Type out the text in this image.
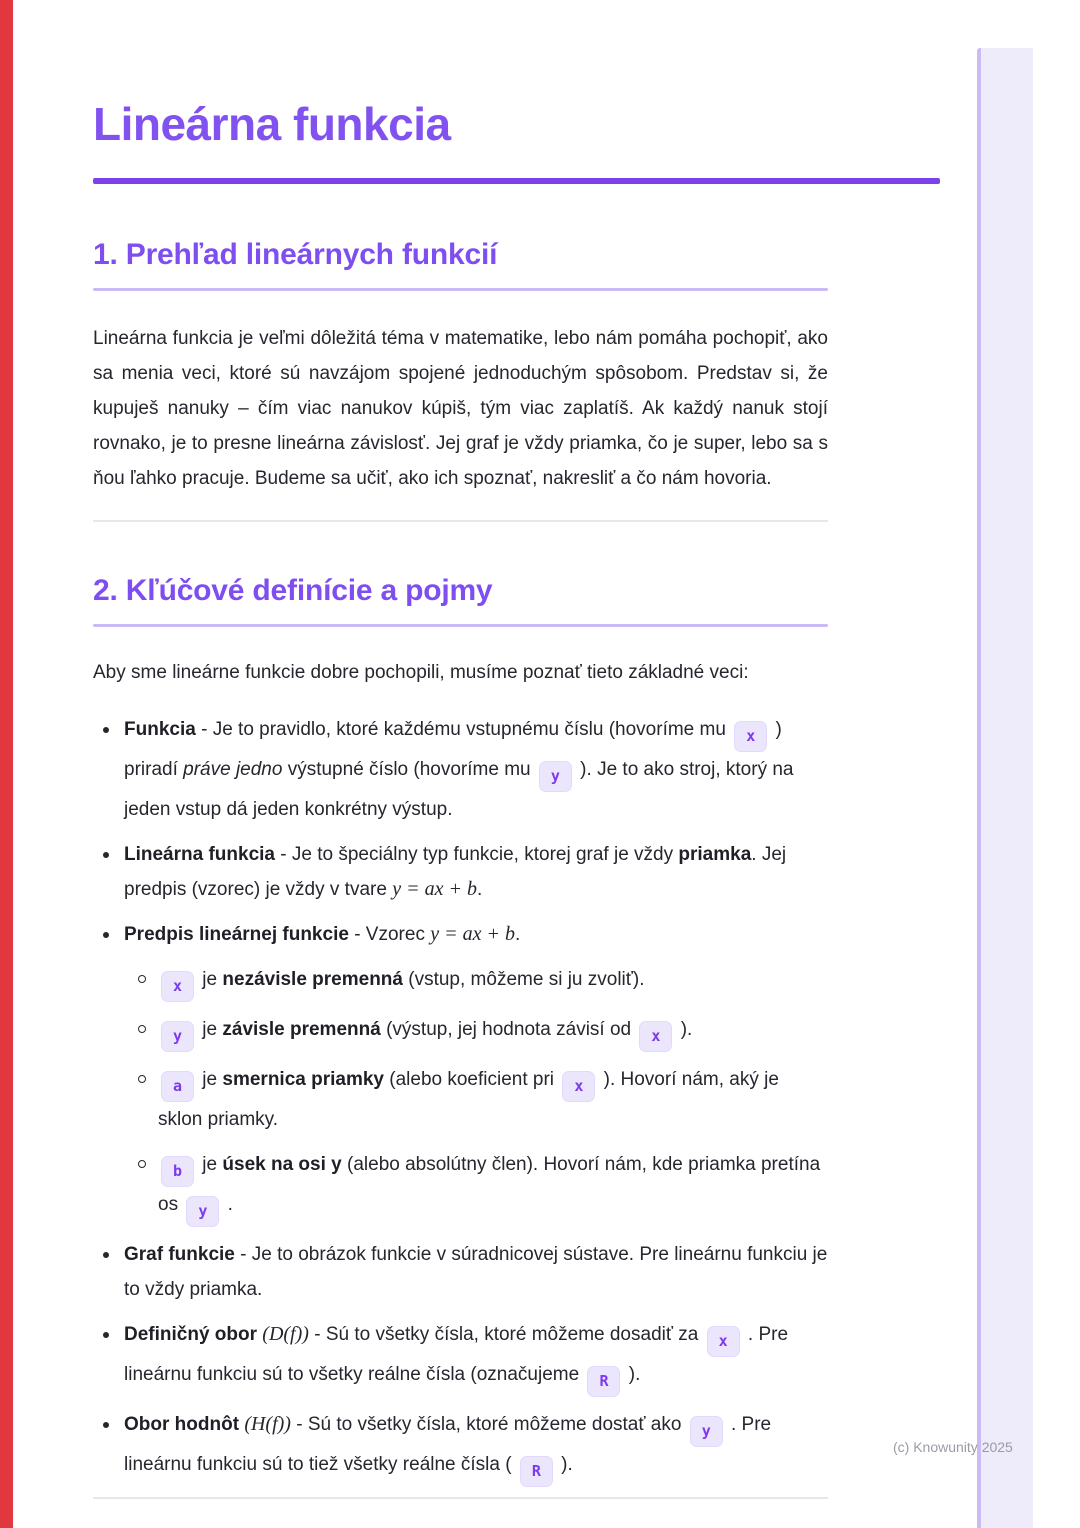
Lineárna funkcia
1. Prehľad lineárnych funkcií

Lineárna funkcia je veľmi dôležitá téma v matematike, lebo nám pomáha pochopiť, ako sa menia veci, ktoré sú navzájom spojené jednoduchým spôsobom. Predstav si, že kupuješ nanuky – čím viac nanukov kúpiš, tým viac zaplatíš. Ak každý nanuk stojí rovnako, je to presne lineárna závislosť. Jej graf je vždy priamka, čo je super, lebo sa s ňou ľahko pracuje. Budeme sa učiť, ako ich spoznať, nakresliť a čo nám hovoria.

2. Kľúčové definície a pojmy

Aby sme lineárne funkcie dobre pochopili, musíme poznať tieto základné veci:

Funkcia - Je to pravidlo, ktoré každému vstupnému číslu (hovoríme mu x ) priradí práve jedno výstupné číslo (hovoríme mu y ). Je to ako stroj, ktorý na jeden vstup dá jeden konkrétny výstup.
Lineárna funkcia - Je to špeciálny typ funkcie, ktorej graf je vždy priamka. Jej predpis (vzorec) je vždy v tvare y = ax + b.
Predpis lineárnej funkcie - Vzorec y = ax + b.
x je nezávisle premenná (vstup, môžeme si ju zvoliť).
y je závisle premenná (výstup, jej hodnota závisí od x ).
a je smernica priamky (alebo koeficient pri x ). Hovorí nám, aký je sklon priamky.
b je úsek na osi y (alebo absolútny člen). Hovorí nám, kde priamka pretína os y .
Graf funkcie - Je to obrázok funkcie v súradnicovej sústave. Pre lineárnu funkciu je to vždy priamka.
Definičný obor (D(f)) - Sú to všetky čísla, ktoré môžeme dosadiť za x . Pre lineárnu funkciu sú to všetky reálne čísla (označujeme R ).
Obor hodnôt (H(f)) - Sú to všetky čísla, ktoré môžeme dostať ako y . Pre lineárnu funkciu sú to tiež všetky reálne čísla ( R ).
(c) Knowunity 2025
